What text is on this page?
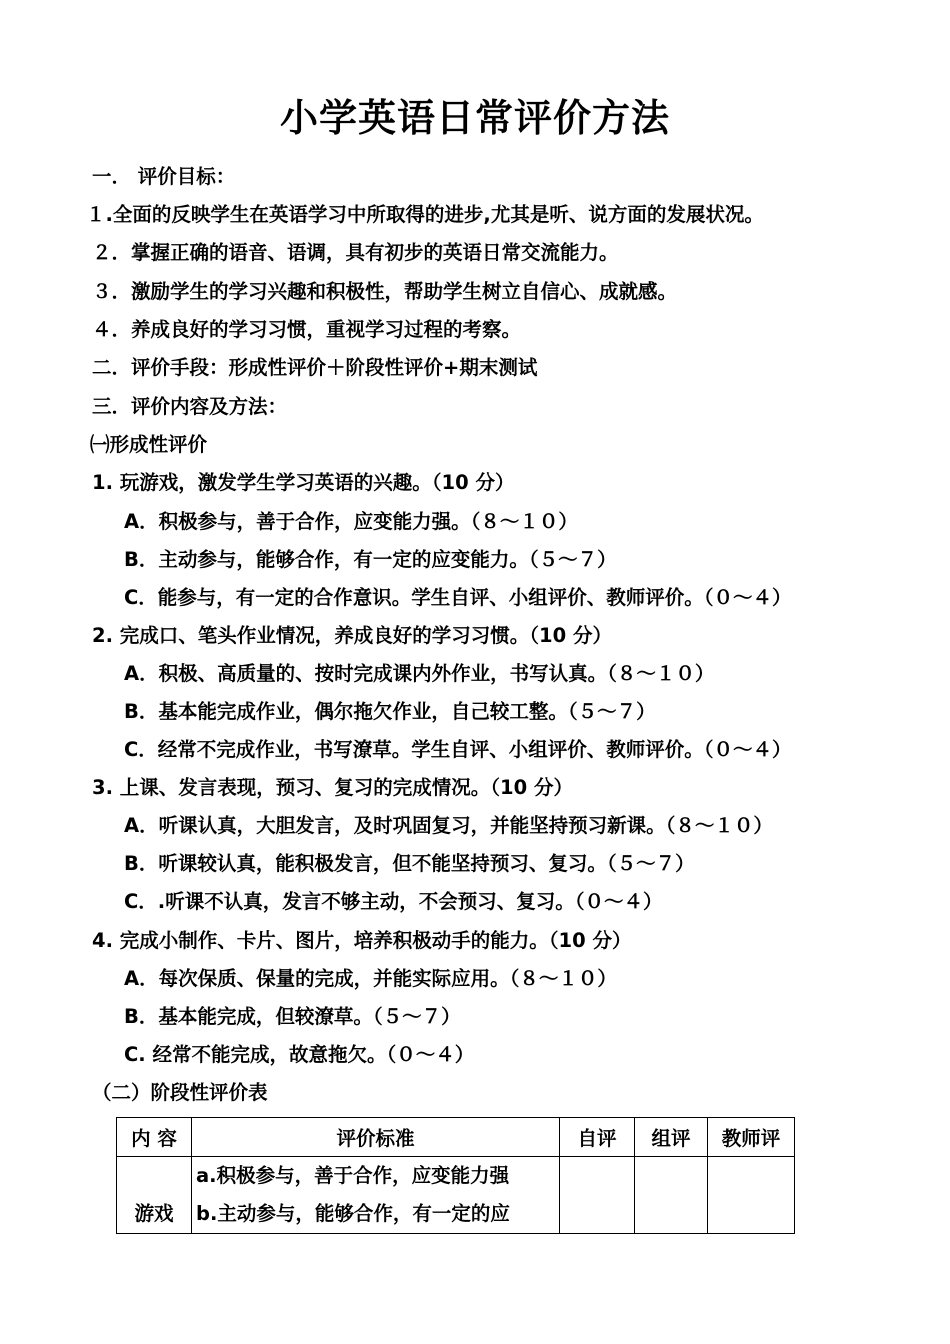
小学英语日常评价方法
一． 评价目标：
１.全面的反映学生在英语学习中所取得的进步,尤其是听、说方面的发展状况。
２．掌握正确的语音、语调，具有初步的英语日常交流能力。
３．激励学生的学习兴趣和积极性，帮助学生树立自信心、成就感。
４．养成良好的学习习惯，重视学习过程的考察。
二．评价手段：形成性评价＋阶段性评价+期末测试
三．评价内容及方法：
㈠形成性评价
1. 玩游戏，激发学生学习英语的兴趣。（10 分）
A．积极参与，善于合作，应变能力强。（８～１０）
B．主动参与，能够合作，有一定的应变能力。（５～７）
C．能参与，有一定的合作意识。学生自评、小组评价、教师评价。（０～４）
2. 完成口、笔头作业情况，养成良好的学习习惯。（10 分）
A．积极、高质量的、按时完成课内外作业，书写认真。（８～１０）
B．基本能完成作业，偶尔拖欠作业，自己较工整。（５～７）
C．经常不完成作业，书写潦草。学生自评、小组评价、教师评价。（０～４）
3. 上课、发言表现，预习、复习的完成情况。（10 分）
A．听课认真，大胆发言，及时巩固复习，并能坚持预习新课。（８～１０）
B．听课较认真，能积极发言，但不能坚持预习、复习。（５～７）
C．.听课不认真，发言不够主动，不会预习、复习。（０～４）
4. 完成小制作、卡片、图片，培养积极动手的能力。（10 分）
A．每次保质、保量的完成，并能实际应用。（８～１０）
B．基本能完成，但较潦草。（５～７）
C. 经常不能完成，故意拖欠。（０～４）
（二）阶段性评价表
内 容	评价标准	自评	组评	教师评

游戏	a.积极参与，善于合作，应变能力强
b.主动参与，能够合作，有一定的应			
